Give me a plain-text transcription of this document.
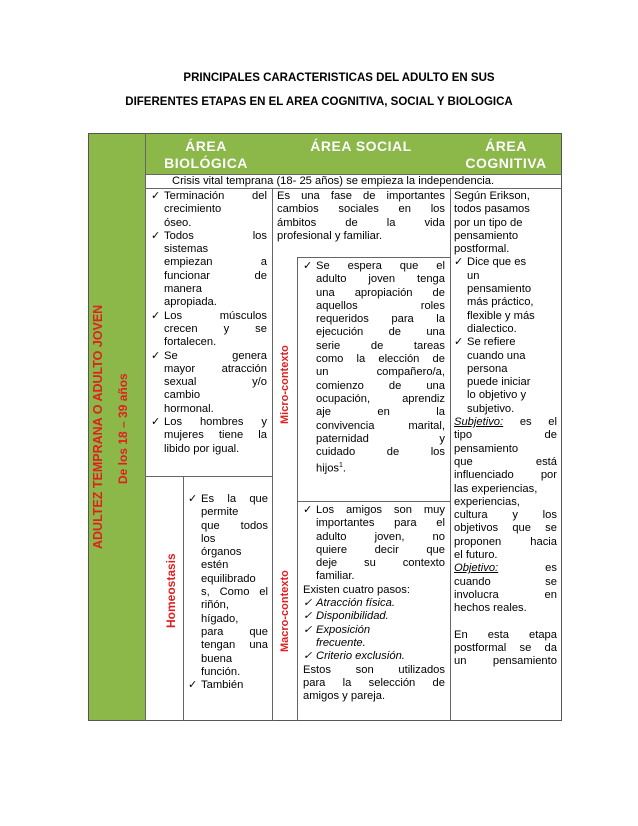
PRINCIPALES CARACTERISTICAS DEL ADULTO EN SUS
DIFERENTES ETAPAS EN EL AREA COGNITIVA, SOCIAL Y BIOLOGICA
ADULTEZ TEMPRANA O ADULTO JOVEN De los 18 – 39 años
ÁREA
BIOLÓGICA
ÁREA SOCIAL	ÁREA
COGNITIVA
Crisis vital temprana (18- 25 años) se empieza la independencia.

✓ Terminación del

crecimiento

óseo.

✓ Todos los

sistemas

empiezan a

funcionar de

manera

apropiada.

✓ Los músculos

crecen y se

fortalecen.

✓ Se genera

mayor atracción

sexual y/o

cambio

hormonal.

✓ Los hombres y

mujeres tiene la

libido por igual.

Homeostasis

✓ Es la que

permite

que todos

los

órganos

estén

equilibrado

s, Como el

riñón,

hígado,

para que

tengan una

buena

función.

✓ También

Es una fase de importantes

cambios sociales en los

ámbitos de la vida

profesional y familiar.

Micro-contexto

✓ Se espera que el

adulto joven tenga

una apropiación de

aquellos roles

requeridos para la

ejecución de una

serie de tareas

como la elección de

un compañero/a,

comienzo de una

ocupación, aprendiz

aje en la

convivencia marital,

paternidad y

cuidado de los

hijos$^1$.

Macro-contexto

✓ Los amigos son muy

importantes para el

adulto joven, no

quiere decir que

deje su contexto

familiar.

Existen cuatro pasos:

✓ Atracción física.

✓ Disponibilidad.

✓ Exposición

frecuente.

✓ Criterio exclusión.

Estos son utilizados

para la selección de

amigos y pareja.

Según Erikson,

todos pasamos

por un tipo de

pensamiento

postformal.

✓ Dice que es

un

pensamiento

más práctico,

flexible y más

dialectico.

✓ Se refiere

cuando una

persona

puede iniciar

lo objetivo y

subjetivo.

Subjetivo: es el

tipo de

pensamiento

que está

influenciado por

las experiencias,

experiencias,

cultura y los

objetivos que se

proponen hacia

el futuro.

Objetivo:	es

cuando se

involucra en

hechos reales.

En esta etapa

postformal se da

un pensamiento
